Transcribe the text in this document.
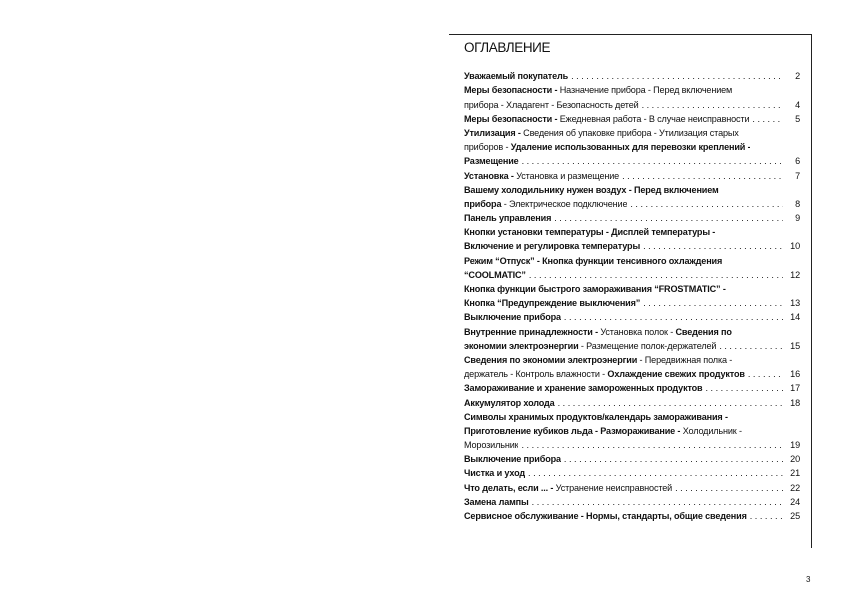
ОГЛАВЛЕНИЕ
Уважаемый покупатель . . .	2
Меры безопасности - Назначение прибора - Перед включением
прибора - Хладагент - Безопасность детей . . .	4
Меры безопасности - Ежедневная работа - В случае неисправности . . .	5
Утилизация - Сведения об упаковке прибора - Утилизация старых
приборов - Удаление использованных для перевозки креплений -
Размещение . . .	6
Установка - Установка и размещение . . .	7
Вашему холодильнику нужен воздух - Перед включением
прибора - Электрическое подключение . . .	8
Панель управления . . .	9
Кнопки установки температуры - Дисплей температуры -
Включение и регулировка температуры . . .	10
Режим “Отпуск” - Кнопка функции тенсивного охлаждения
“COOLMATIC” . . .	12
Кнопка функции быстрого замораживания “FROSTMATIC” -
Кнопка “Предупреждение выключения” . . .	13
Выключение прибора . . .	14
Внутренние принадлежности - Установка полок - Сведения по
экономии электроэнергии - Размещение полок-держателей . . .	15
Сведения по экономии электроэнергии - Передвижная полка -
держатель - Контроль влажности - Охлаждение свежих продуктов . . .	16
Замораживание и хранение замороженных продуктов . . .	17
Аккумулятор холода . . .	18
Символы хранимых продуктов/календарь замораживания -
Приготовление кубиков льда - Размораживание - Холодильник -
Морозильник . . .	19
Выключение прибора . . .	20
Чистка и уход . . .	21
Что делать, если ... - Устранение неисправностей . . .	22
Замена лампы . . .	24
Сервисное обслуживание - Нормы, стандарты, общие сведения . . .	25
3
